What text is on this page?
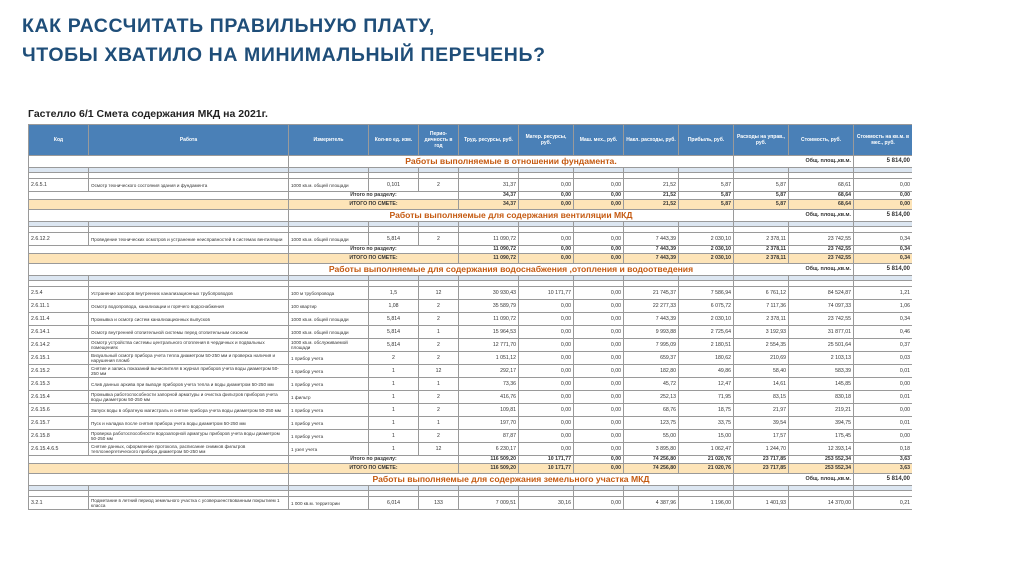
КАК РАССЧИТАТЬ ПРАВИЛЬНУЮ ПЛАТУ,
ЧТОБЫ ХВАТИЛО НА МИНИМАЛЬНЫЙ ПЕРЕЧЕНЬ?
Гастелло 6/1 Смета содержания МКД на 2021г.
Код	Работа	Измеритель	Кол-во ед. изм.	Перио-дичность в год	Труд. ресурсы, руб.	Матер. ресурсы, руб.	Маш. мех., руб.	Накл. расходы, руб.	Прибыль, руб.	Расходы на управ., руб.	Стоимость, руб.	Стоимость на кв.м. в мес., руб.
		Работы выполняемые в отношении фундамента.								Общ. площ.,кв.м.		5 814,00

2.6.5.1	Осмотр технического состояния здания и фундамента	1000 кв.м. общей площади	0,101	2	31,37	0,00	0,00	21,52	5,87	5,87	68,61	0,00
		Итого по разделу:			34,37	0,00	0,00	21,52	5,87	5,87	68,64	0,00
		ИТОГО ПО СМЕТЕ:			34,37	0,00	0,00	21,52	5,87	5,87	68,64	0,00
		Работы выполняемые для содержания вентиляции МКД								Общ. площ.,кв.м.		5 814,00

2.6.12.2	Проведение технических осмотров и устранение неисправностей в системах вентиляции	1000 кв.м. общей площади	5,814	2	11 090,72	0,00	0,00	7 443,39	2 030,10	2 378,11	23 742,55	0,34
		Итого по разделу:			11 090,72	0,00	0,00	7 443,39	2 030,10	2 378,11	23 742,55	0,34
		ИТОГО ПО СМЕТЕ:			11 090,72	0,00	0,00	7 443,39	2 030,10	2 378,11	23 742,55	0,34
		Работы выполняемые для содержания водоснабжения ,отопления и водоотведения								Общ. площ.,кв.м.		5 814,00

2.5.4	Устранение засоров внутренних канализационных трубопроводов	100 м трубопровода	1,5	12	30 930,43	10 171,77	0,00	21 745,37	7 586,94	6 761,12	84 524,87	1,21
2.6.11.1	Осмотр водопровода, канализации и горячего водоснабжения	100 квартир	1,08	2	35 589,79	0,00	0,00	22 277,33	6 075,72	7 117,36	74 097,33	1,06
2.6.11.4	Промывка и осмотр систем канализационных выпусков	1000 кв.м. общей площади	5,814	2	11 090,72	0,00	0,00	7 443,39	2 030,10	2 378,11	23 742,55	0,34
2.6.14.1	Осмотр внутренней отопительной системы перед отопительным сезоном	1000 кв.м. общей площади	5,814	1	15 964,53	0,00	0,00	9 993,88	2 725,64	3 192,93	31 877,01	0,46
2.6.14.2	Осмотр устройства системы центрального отопления в чердачных и подвальных помещениях	1000 кв.м. обслуживаемой площади	5,814	2	12 771,70	0,00	0,00	7 995,09	2 180,51	2 554,35	25 501,64	0,37
2.6.15.1	Визуальный осмотр прибора учета тепла диаметром 50-250 мм и проверка наличия и нарушения пломб	1 прибор учета	2	2	1 051,12	0,00	0,00	659,37	180,62	210,69	2 103,13	0,03
2.6.15.2	Снятие и запись показаний вычислителя в журнал приборов учета воды диаметром 50-250 мм	1 прибор учета	1	12	292,17	0,00	0,00	182,80	49,86	58,40	583,39	0,01
2.6.15.3	Слив данных архива при выводе приборов учета тепла и воды диаметром 50-250 мм	1 прибор учета	1	1	73,36	0,00	0,00	45,72	12,47	14,61	145,85	0,00
2.6.15.4	Промывка работоспособности запорной арматуры и очистка фильтров приборов учета воды диаметром 50-250 мм	1 фильтр	1	2	416,76	0,00	0,00	252,13	71,95	83,15	830,18	0,01
2.6.15.6	Запуск воды в обратную магистраль и снятие прибора учета воды диаметром 50-250 мм	1 прибор учета	1	2	109,81	0,00	0,00	68,76	18,75	21,97	219,21	0,00
2.6.15.7	Пуск и наладка после снятия прибора учета воды диаметром 50-250 мм	1 прибор учета	1	1	197,70	0,00	0,00	123,75	33,75	39,54	394,75	0,01
2.6.15.8	Проверка работоспособности водозапорной арматуры приборов учета воды диаметром 50-250 мм	1 прибор учета	1	2	87,87	0,00	0,00	55,00	15,00	17,57	175,45	0,00
2.6.15.4.6.5	Снятие данных, оформление протокола, расписание снимков фильтров теплоэнергетического прибора диаметром 50-250 мм	1 узел учета	1	12	6 230,17	0,00	0,00	3 895,80	1 062,47	1 244,70	12 393,14	0,18
		Итого по разделу:			116 509,20	10 171,77	0,00	74 256,80	21 020,76	23 717,85	253 552,34	3,63
		ИТОГО ПО СМЕТЕ:			116 509,20	10 171,77	0,00	74 256,80	21 020,76	23 717,85	253 552,34	3,63
		Работы выполняемые для содержания земельного участка МКД								Общ. площ.,кв.м.		5 814,00

3.2.1	Подметание в летний период земельного участка с усовершенствованным покрытием 1 класса	1 000 кв.м. территории	6,014	133	7 009,51	30,16	0,00	4 387,96	1 196,00	1 401,93	14 370,00	0,21
